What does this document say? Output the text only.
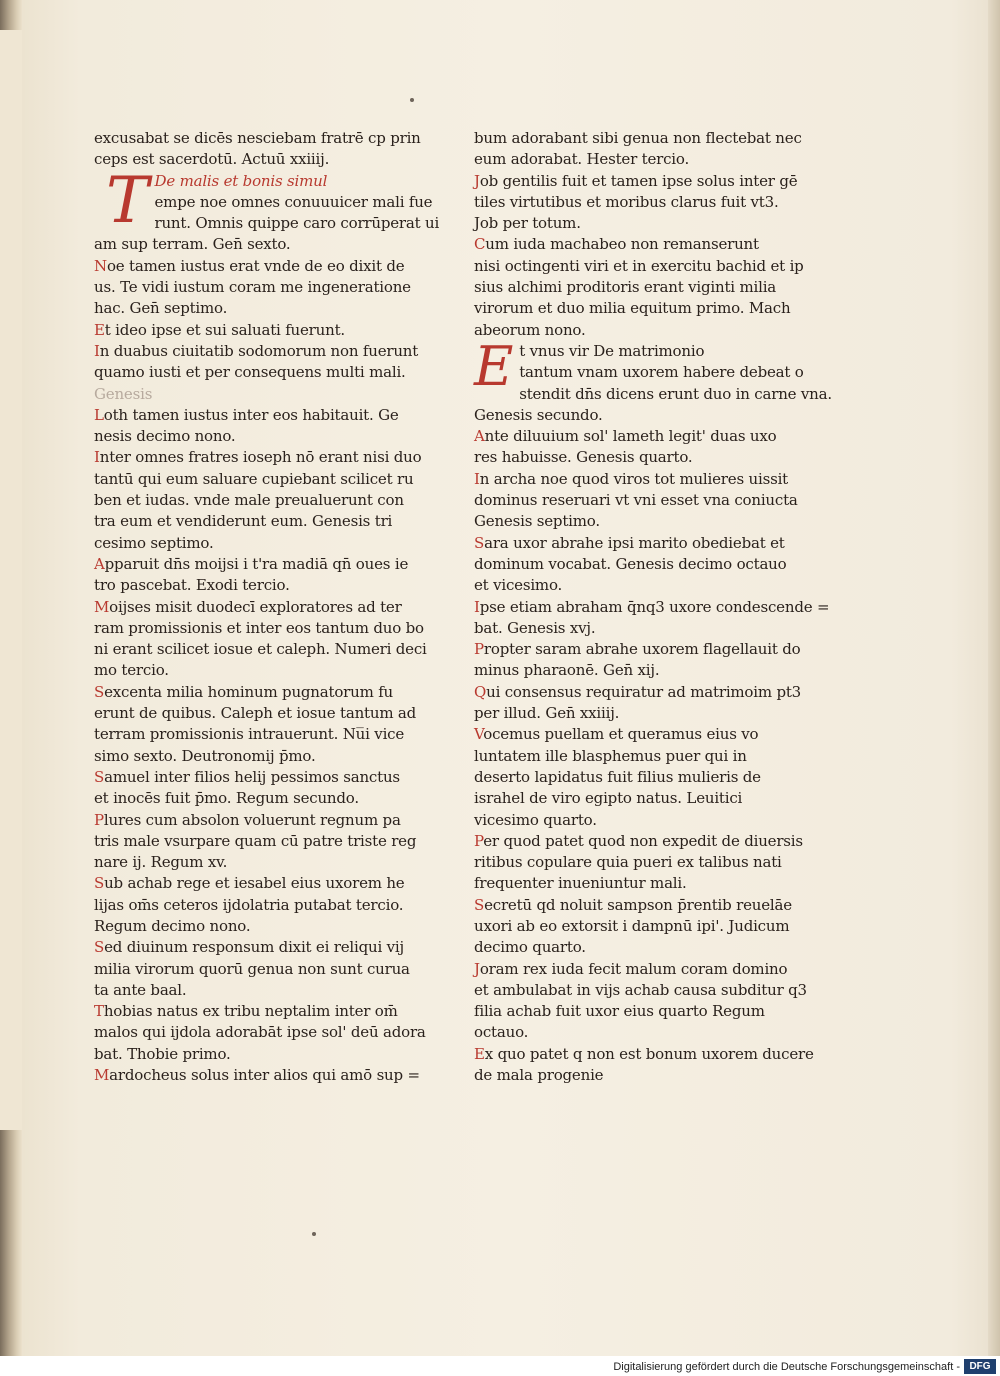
excusabat se dicēs nesciebam fratrē cp prin
ceps est sacerdotū. Actuū xxiiij.
T De malis et bonis simul
empe noe omnes conuuuicer mali fue
runt. Omnis quippe caro corrūperat ui
am sup terram. Gen̄ sexto.
Noe tamen iustus erat vnde de eo dixit de
us. Te vidi iustum coram me ingeneratione
hac. Gen̄ septimo.
Et ideo ipse et sui saluati fuerunt.
In duabus ciuitatib sodomorum non fuerunt
quamo iusti et per consequens multi mali.
Genesis
Loth tamen iustus inter eos habitauit. Ge
nesis decimo nono.
Inter omnes fratres ioseph nō erant nisi duo
tantū qui eum saluare cupiebant scilicet ru
ben et iudas. vnde male preualuerunt con
tra eum et vendiderunt eum. Genesis tri
cesimo septimo.
Apparuit dn̄s moijsi i t'ra madiā qn̄ oues ie
tro pascebat. Exodi tercio.
Moijses misit duodecī exploratores ad ter
ram promissionis et inter eos tantum duo bo
ni erant scilicet iosue et caleph. Numeri deci
mo tercio.
Sexcenta milia hominum pugnatorum fu
erunt de quibus. Caleph et iosue tantum ad
terram promissionis intrauerunt. Nu̅i vice
simo sexto. Deutronomij p̄mo.
Samuel inter filios helij pessimos sanctus
et inocēs fuit p̄mo. Regum secundo.
Plures cum absolon voluerunt regnum pa
tris male vsurpare quam cū patre triste reg
nare ij. Regum xv.
Sub achab rege et iesabel eius uxorem he
lijas om̄s ceteros ijdolatria putabat tercio.
Regum decimo nono.
Sed diuinum responsum dixit ei reliqui vij
milia virorum quorū genua non sunt curua
ta ante baal.
Thobias natus ex tribu neptalim inter om̄
malos qui ijdola adorabāt ipse sol' deū adora
bat. Thobie primo.
Mardocheus solus inter alios qui amō sup =
bum adorabant sibi genua non flectebat nec
eum adorabat. Hester tercio.
Job gentilis fuit et tamen ipse solus inter gē
tiles virtutibus et moribus clarus fuit vt3.
Job per totum.
Cum iuda machabeo non remanserunt
nisi octingenti viri et in exercitu bachid et ip
sius alchimi proditoris erant viginti milia
virorum et duo milia equitum primo. Mach
abeorum nono.
E t vnus vir De matrimonio
tantum vnam uxorem habere debeat o
stendit dn̄s dicens erunt duo in carne vna.
Genesis secundo.
Ante diluuium sol' lameth legit' duas uxo
res habuisse. Genesis quarto.
In archa noe quod viros tot mulieres uissit
dominus reseruari vt vni esset vna coniucta
Genesis septimo.
Sara uxor abrahe ipsi marito obediebat et
dominum vocabat. Genesis decimo octauo
et vicesimo.
Ipse etiam abraham q̄nq3 uxore condescende =
bat. Genesis xvj.
Propter saram abrahe uxorem flagellauit do
minus pharaonē. Gen̄ xij.
Qui consensus requiratur ad matrimoim pt3
per illud. Gen̄ xxiiij.
Vocemus puellam et queramus eius vo
luntatem ille blasphemus puer qui in
deserto lapidatus fuit filius mulieris de
israhel de viro egipto natus. Leuitici
vicesimo quarto.
Per quod patet quod non expedit de diuersis
ritibus copulare quia pueri ex talibus nati
frequenter inueniuntur mali.
Secretū qd noluit sampson p̄rentib reuelāe
uxori ab eo extorsit i dampnū ipi'. Judicum
decimo quarto.
Joram rex iuda fecit malum coram domino
et ambulabat in vijs achab causa subditur q3
filia achab fuit uxor eius quarto Regum
octauo.
Ex quo patet q non est bonum uxorem ducere
de mala progenie
Digitalisierung gefördert durch die Deutsche Forschungsgemeinschaft - DFG
